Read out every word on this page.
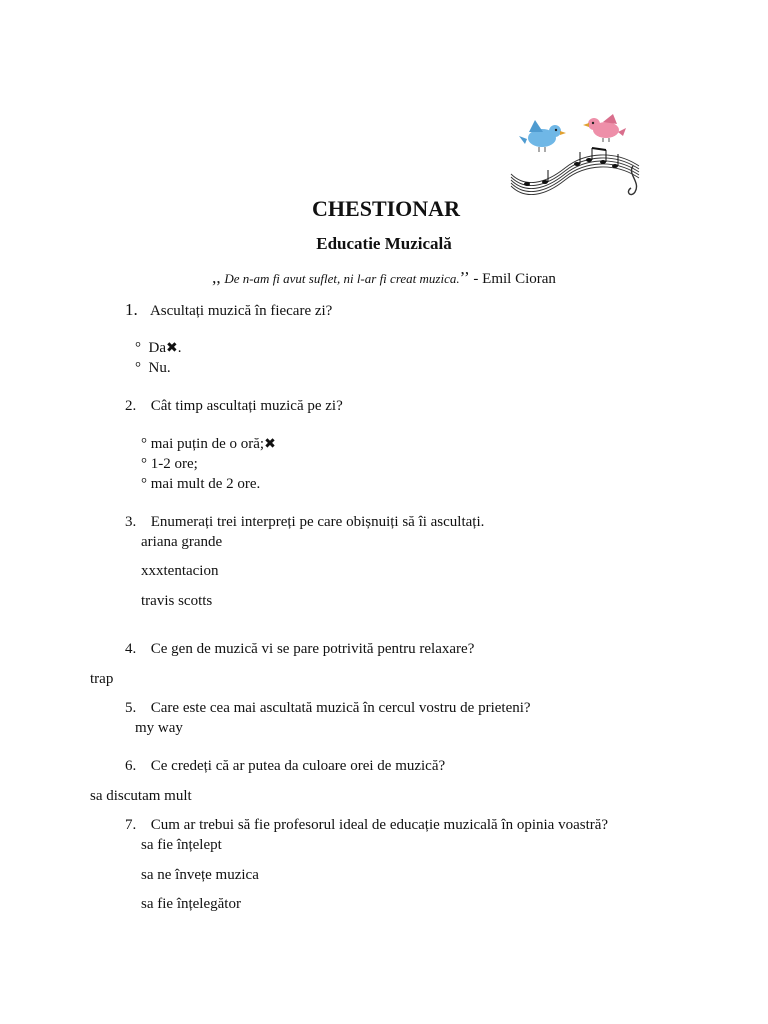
CHESTIONAR
Educatie Muzicală
,, De n-am fi avut suflet, ni l-ar fi creat muzica.’’ - Emil Cioran
1. Ascultați muzică în fiecare zi?
° Da✖.
° Nu.
2. Cât timp ascultați muzică pe zi?
° mai puțin de o oră;✖
° 1-2 ore;
° mai mult de 2 ore.
3. Enumerați trei interpreți pe care obișnuiți să îi ascultați.
ariana grande
xxxtentacion
travis scotts
4. Ce gen de muzică vi se pare potrivită pentru relaxare?
trap
5. Care este cea mai ascultată muzică în cercul vostru de prieteni?
my way
6. Ce credeți că ar putea da culoare orei de muzică?
sa discutam mult
7. Cum ar trebui să fie profesorul ideal de educație muzicală în opinia voastră?
sa fie înțelept
sa ne învețe muzica
sa fie înțelegător
